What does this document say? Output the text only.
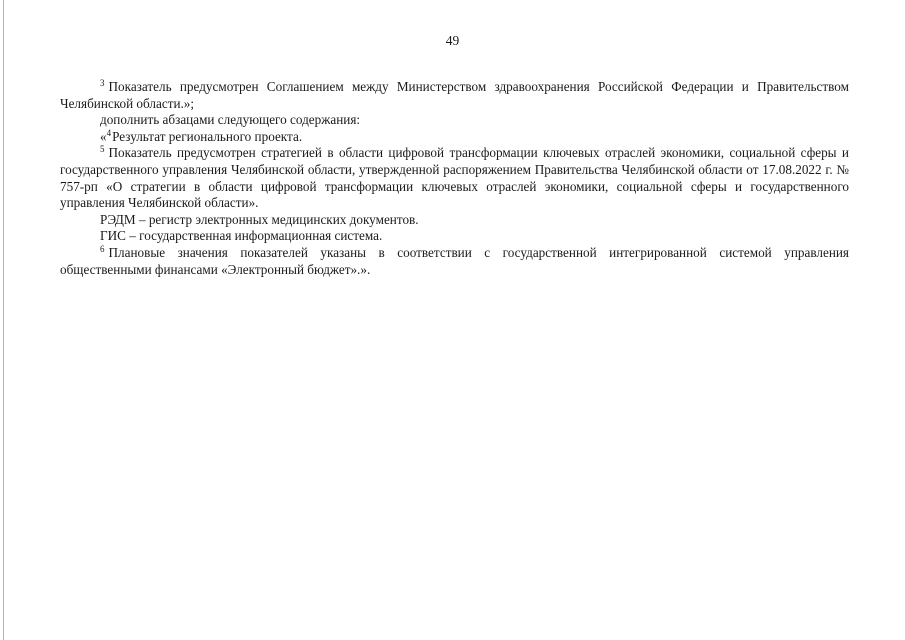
49

$^3$ Показатель предусмотрен Соглашением между Министерством здравоохранения Российской Федерации и Правительством Челябинской области.»;

дополнить абзацами следующего содержания:

«$^4$Результат регионального проекта.

$^5$ Показатель предусмотрен стратегией в области цифровой трансформации ключевых отраслей экономики, социальной сферы и государственного управления Челябинской области, утвержденной распоряжением Правительства Челябинской области от 17.08.2022 г. № 757-рп «О стратегии в области цифровой трансформации ключевых отраслей экономики, социальной сферы и государственного управления Челябинской области».

РЭДМ – регистр электронных медицинских документов.

ГИС – государственная информационная система.

$^6$ Плановые значения показателей указаны в соответствии с государственной интегрированной системой управления общественными финансами «Электронный бюджет».».
